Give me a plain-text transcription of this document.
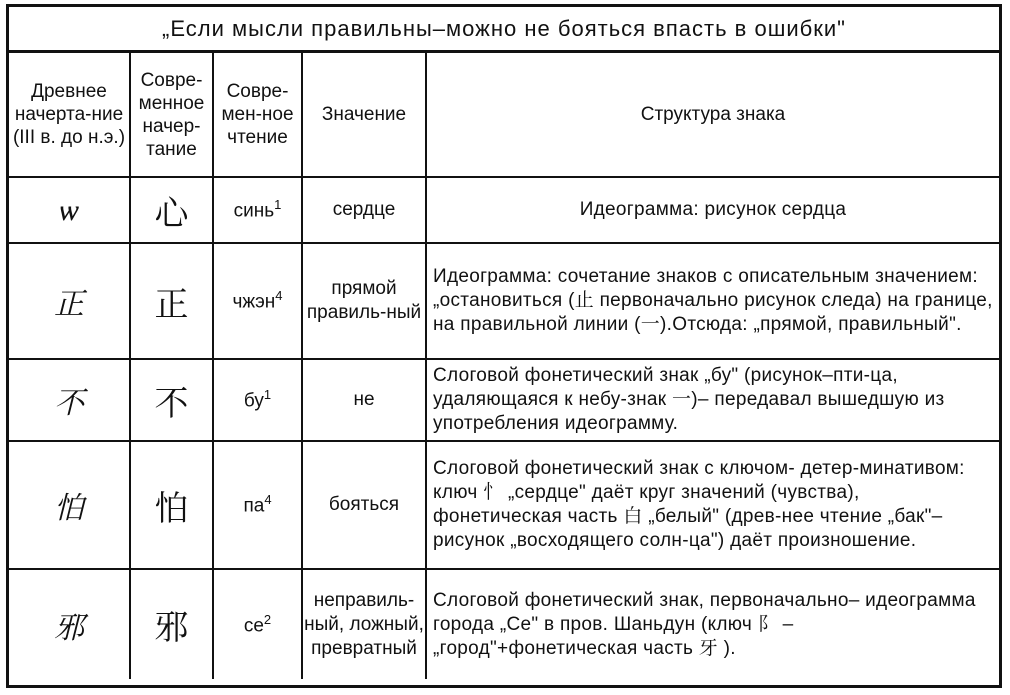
„Если мысли правильны–можно не бояться впасть в ошибки"
Древнее начерта-ние (III в. до н.э.)	Совре-менное начер-тание	Совре-мен-ное чтение	Значение	Структура знака
ѡ	心	синь$^1$	сердце	Идеограмма: рисунок сердца
正	正	чжэн$^4$	прямой правиль-ный	Идеограмма: сочетание знаков с описательным значением: „остановиться (止 первоначально рисунок следа) на границе, на правильной линии (一).Отсюда: „прямой, правильный".
不	不	$бу^1$	не	Слоговой фонетический знак „бу" (рисунок–пти-ца, удаляющаяся к небу-знак 一)– передавал вышедшую из употребления идеограмму.
怕	怕	$па^4$	бояться	Слоговой фонетический знак с ключом- детер-минативом: ключ 忄 „сердце" даёт круг значений (чувства), фонетическая часть 白 „белый" (древ-нее чтение „бак"–рисунок „восходящего солн-ца") даёт произношение.
邪	邪	$се^2$	неправиль-ный, ложный, превратный	Слоговой фонетический знак, первоначально– идеограмма города „Се" в пров. Шаньдун (ключ 阝 –„город"+фонетическая часть 牙 ).
